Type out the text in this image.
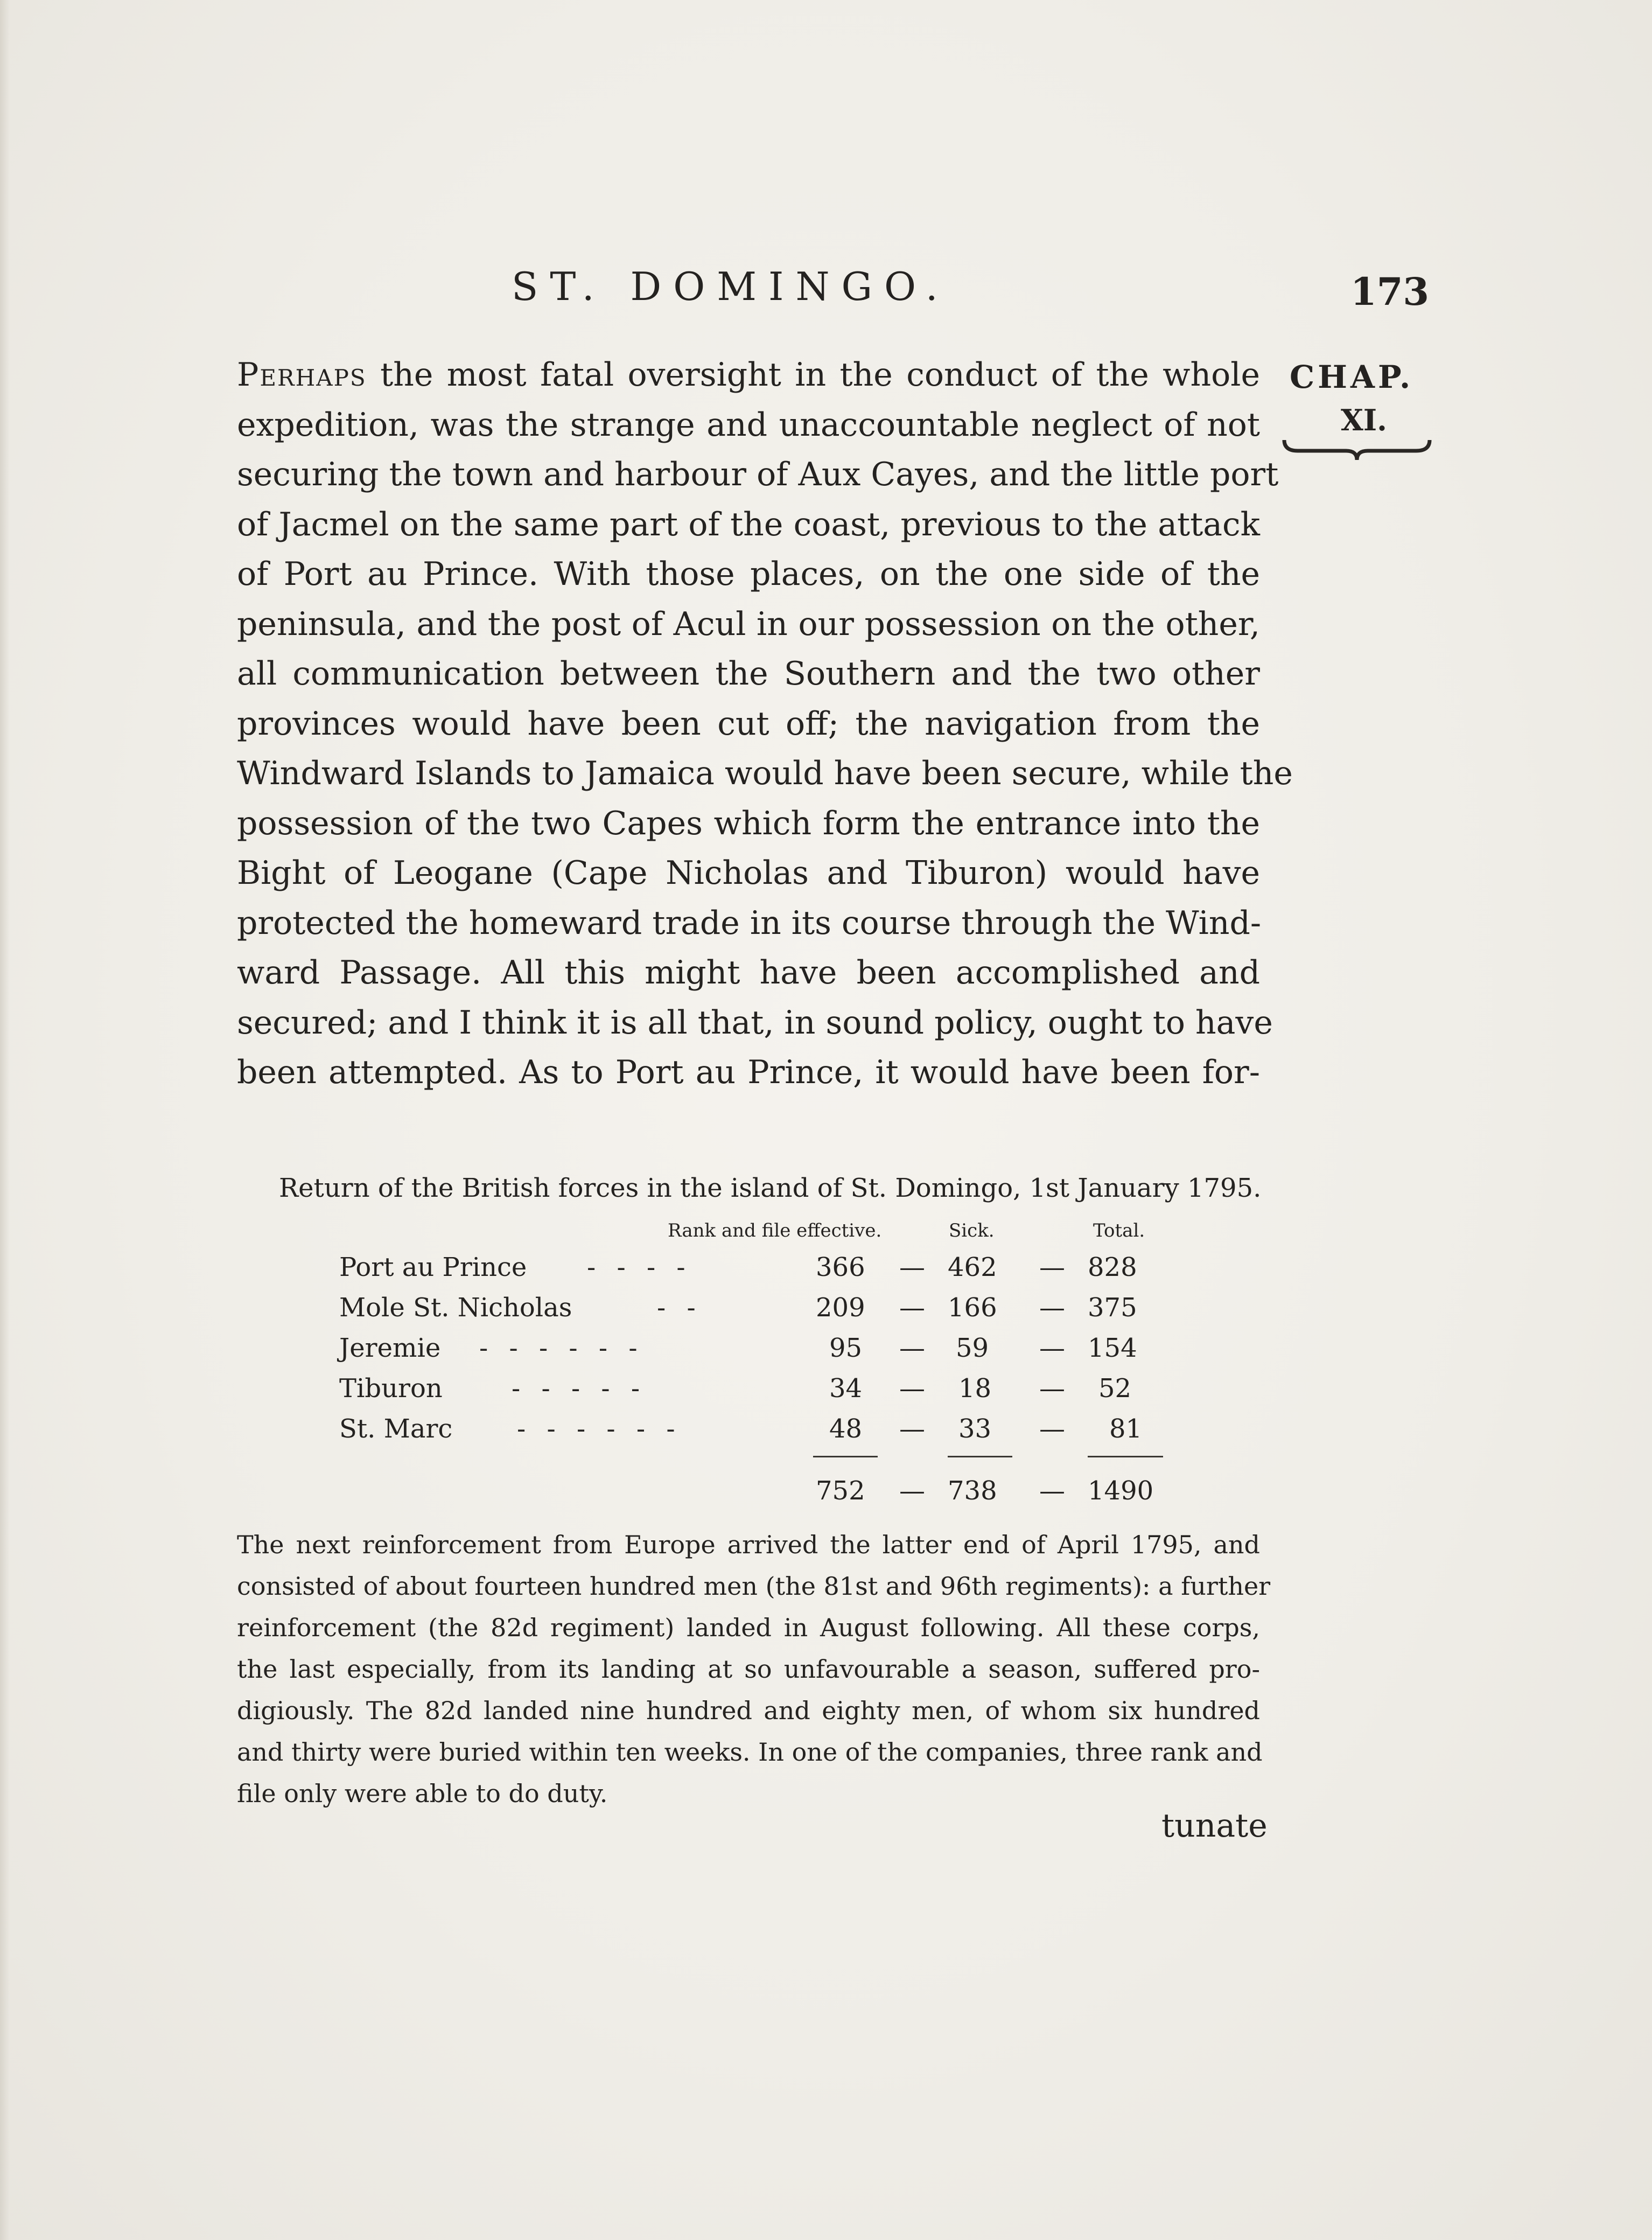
ST. DOMINGO.	173
CHAP.
XI.
Perhaps the most fatal oversight in the conduct of the whole
expedition, was the strange and unaccountable neglect of not
securing the town and harbour of Aux Cayes, and the little port
of Jacmel on the same part of the coast, previous to the attack
of Port au Prince. With those places, on the one side of the
peninsula, and the post of Acul in our possession on the other,
all communication between the Southern and the two other
provinces would have been cut off; the navigation from the
Windward Islands to Jamaica would have been secure, while the
possession of the two Capes which form the entrance into the
Bight of Leogane (Cape Nicholas and Tiburon) would have
protected the homeward trade in its course through the Wind-
ward Passage. All this might have been accomplished and
secured; and I think it is all that, in sound policy, ought to have
been attempted. As to Port au Prince, it would have been for-
Return of the British forces in the island of St. Domingo, 1st January 1795.
Rank and file effective.	Sick.	Total.
Port au Prince - - - -	366 — 462 — 828
Mole St. Nicholas	- -	209 — 166 — 375
Jeremie - - - - - -	95 — 59 — 154
Tiburon	- - - - -	34 — 18 — 52
St. Marc - - - - - -	48 — 33 — 81
752 — 738 — 1490
The next reinforcement from Europe arrived the latter end of April 1795, and
consisted of about fourteen hundred men (the 81st and 96th regiments): a further
reinforcement (the 82d regiment) landed in August following. All these corps,
the last especially, from its landing at so unfavourable a season, suffered pro-
digiously. The 82d landed nine hundred and eighty men, of whom six hundred
and thirty were buried within ten weeks. In one of the companies, three rank and
file only were able to do duty.
tunate
